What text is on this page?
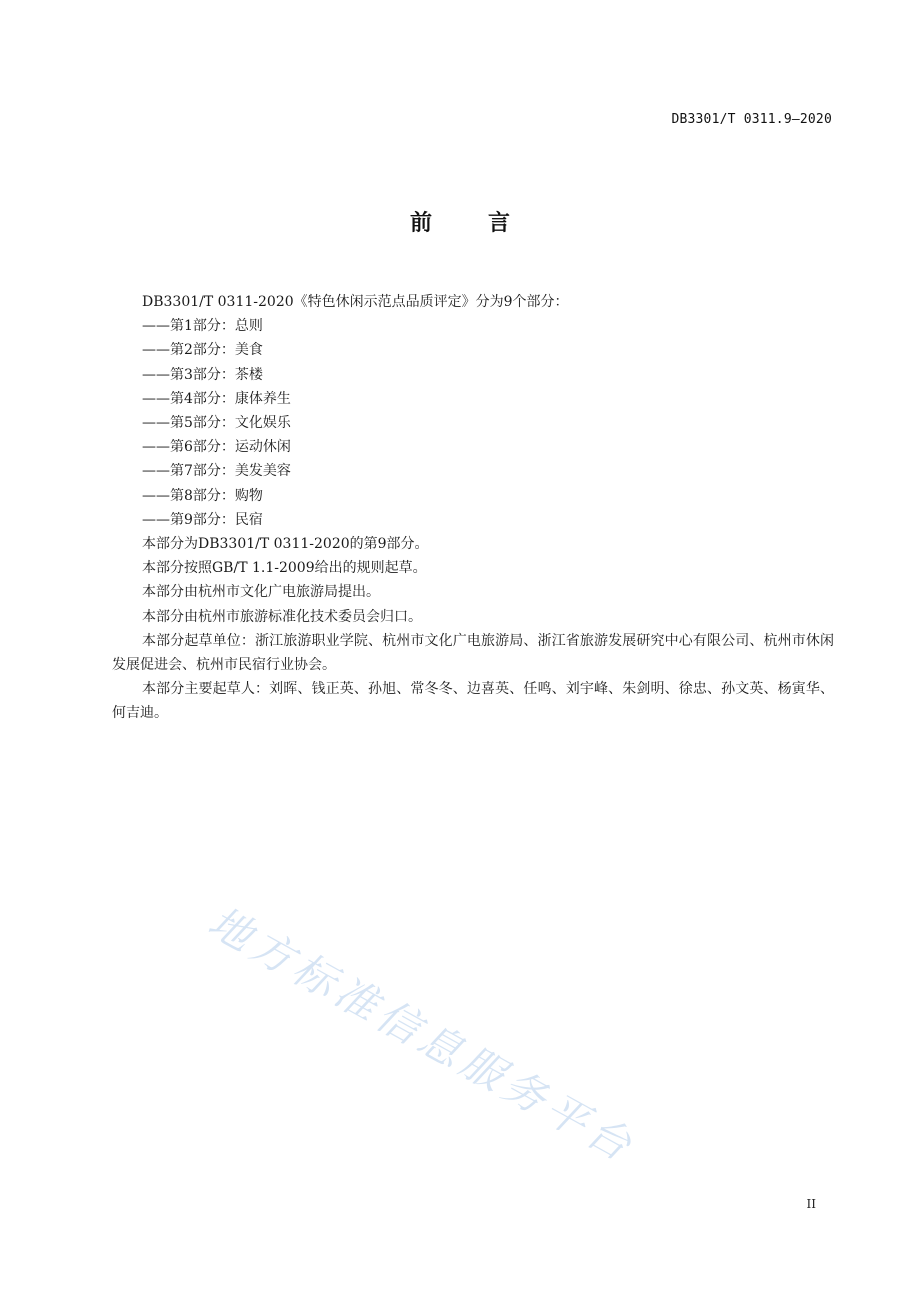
DB3301/T 0311.9—2020
前	言

DB3301/T 0311-2020《特色休闲示范点品质评定》分为9个部分：

——第1部分：总则
——第2部分：美食
——第3部分：茶楼
——第4部分：康体养生
——第5部分：文化娱乐
——第6部分：运动休闲
——第7部分：美发美容
——第8部分：购物
——第9部分：民宿

本部分为DB3301/T 0311-2020的第9部分。

本部分按照GB/T 1.1-2009给出的规则起草。

本部分由杭州市文化广电旅游局提出。

本部分由杭州市旅游标准化技术委员会归口。

本部分起草单位：浙江旅游职业学院、杭州市文化广电旅游局、浙江省旅游发展研究中心有限公司、杭州市休闲发展促进会、杭州市民宿行业协会。

本部分主要起草人：刘晖、钱正英、孙旭、常冬冬、边喜英、任鸣、刘宇峰、朱剑明、徐忠、孙文英、杨寅华、何吉迪。

地方标准信息服务平台
II
